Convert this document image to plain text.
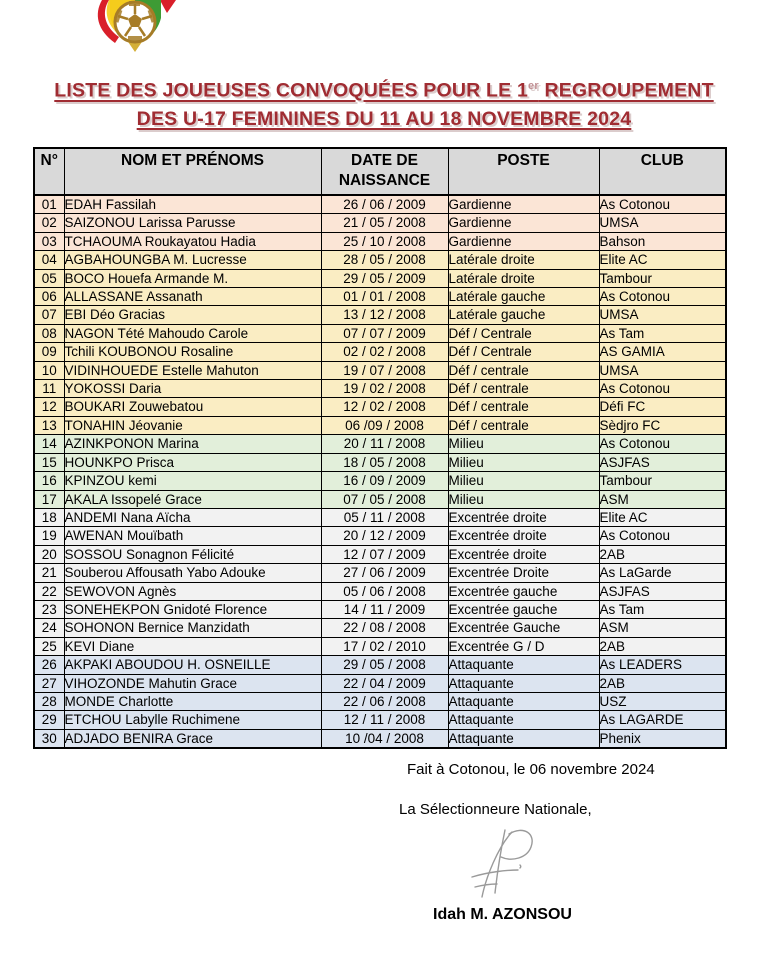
LISTE DES JOUEUSES CONVOQUÉES POUR LE 1er REGROUPEMENT
DES U-17 FEMININES DU 11 AU 18 NOVEMBRE 2024
N°	NOM ET PRÉNOMS	DATE DE NAISSANCE	POSTE	CLUB
01	EDAH Fassilah	26 / 06 / 2009	Gardienne	As Cotonou
02	SAIZONOU Larissa Parusse	21 / 05 / 2008	Gardienne	UMSA
03	TCHAOUMA Roukayatou Hadia	25 / 10 / 2008	Gardienne	Bahson
04	AGBAHOUNGBA M. Lucresse	28 / 05 / 2008	Latérale droite	Elite AC
05	BOCO Houefa Armande M.	29 / 05 / 2009	Latérale droite	Tambour
06	ALLASSANE Assanath	01 / 01 / 2008	Latérale gauche	As Cotonou
07	EBI Déo Gracias	13 / 12 / 2008	Latérale gauche	UMSA
08	NAGON Tété Mahoudo Carole	07 / 07 / 2009	Déf / Centrale	As Tam
09	Tchili KOUBONOU Rosaline	02 / 02 / 2008	Déf / Centrale	AS GAMIA
10	VIDINHOUEDE Estelle Mahuton	19 / 07 / 2008	Déf / centrale	UMSA
11	YOKOSSI Daria	19 / 02 / 2008	Déf / centrale	As Cotonou
12	BOUKARI Zouwebatou	12 / 02 / 2008	Déf / centrale	Défi FC
13	TONAHIN Jéovanie	06 /09 / 2008	Déf / centrale	Sèdjro FC
14	AZINKPONON Marina	20 / 11 / 2008	Milieu	As Cotonou
15	HOUNKPO Prisca	18 / 05 / 2008	Milieu	ASJFAS
16	KPINZOU kemi	16 / 09 / 2009	Milieu	Tambour
17	AKALA Issopelé Grace	07 / 05 / 2008	Milieu	ASM
18	ANDEMI Nana Aïcha	05 / 11 / 2008	Excentrée droite	Elite AC
19	AWENAN Mouïbath	20 / 12 / 2009	Excentrée droite	As Cotonou
20	SOSSOU Sonagnon Félicité	12 / 07 / 2009	Excentrée droite	2AB
21	Souberou Affousath Yabo Adouke	27 / 06 / 2009	Excentrée Droite	As LaGarde
22	SEWOVON Agnès	05 / 06 / 2008	Excentrée gauche	ASJFAS
23	SONEHEKPON Gnidoté Florence	14 / 11 / 2009	Excentrée gauche	As Tam
24	SOHONON Bernice Manzidath	22 / 08 / 2008	Excentrée Gauche	ASM
25	KEVI Diane	17 / 02 / 2010	Excentrée G / D	2AB
26	AKPAKI ABOUDOU H. OSNEILLE	29 / 05 / 2008	Attaquante	As LEADERS
27	VIHOZONDE Mahutin Grace	22 / 04 / 2009	Attaquante	2AB
28	MONDE Charlotte	22 / 06 / 2008	Attaquante	USZ
29	ETCHOU Labylle Ruchimene	12 / 11 / 2008	Attaquante	As LAGARDE
30	ADJADO BENIRA Grace	10 /04 / 2008	Attaquante	Phenix
Fait à Cotonou, le 06 novembre 2024
La Sélectionneure Nationale,
Idah M. AZONSOU
